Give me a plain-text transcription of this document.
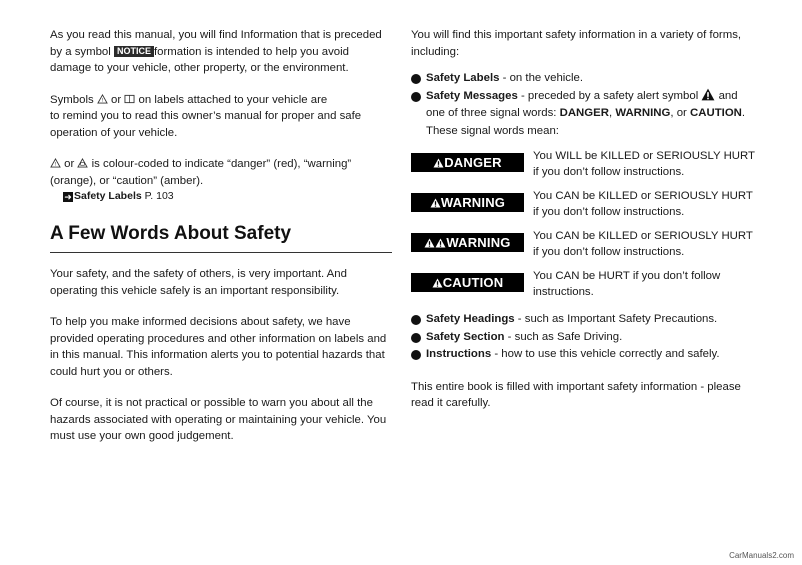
As you read this manual, you will find Information that is preceded by a symbol NOTICE formation is intended to help you avoid damage to your vehicle, other property, or the environment.

Symbols ! or on labels attached to your vehicle are
to remind you to read this owner’s manual for proper and safe operation of your vehicle.

! or is colour-coded to indicate “danger” (red), “warning” (orange), or “caution” (amber).

➜ Safety Labels P. 103
A Few Words About Safety

Your safety, and the safety of others, is very important. And operating this vehicle safely is an important responsibility.

To help you make informed decisions about safety, we have provided operating procedures and other information on labels and in this manual. This information alerts you to potential hazards that could hurt you or others.

Of course, it is not practical or possible to warn you about all the hazards associated with operating or maintaining your vehicle. You must use your own good judgement.

You will find this important safety information in a variety of forms, including:

Safety Labels - on the vehicle.
Safety Messages - preceded by a safety alert symbol  and one of three signal words: DANGER, WARNING, or CAUTION.
These signal words mean:
DANGER	You WILL be KILLED or SERIOUSLY HURT if you don’t follow instructions.
WARNING You CAN be KILLED or SERIOUSLY HURT if you don’t follow instructions.
WARNING You CAN be KILLED or SERIOUSLY HURT if you don’t follow instructions.
CAUTION	You CAN be HURT if you don’t follow instructions.
Safety Headings - such as Important Safety Precautions.
Safety Section - such as Safe Driving.
Instructions - how to use this vehicle correctly and safely.

This entire book is filled with important safety information - please read it carefully.

CarManuals2.com
